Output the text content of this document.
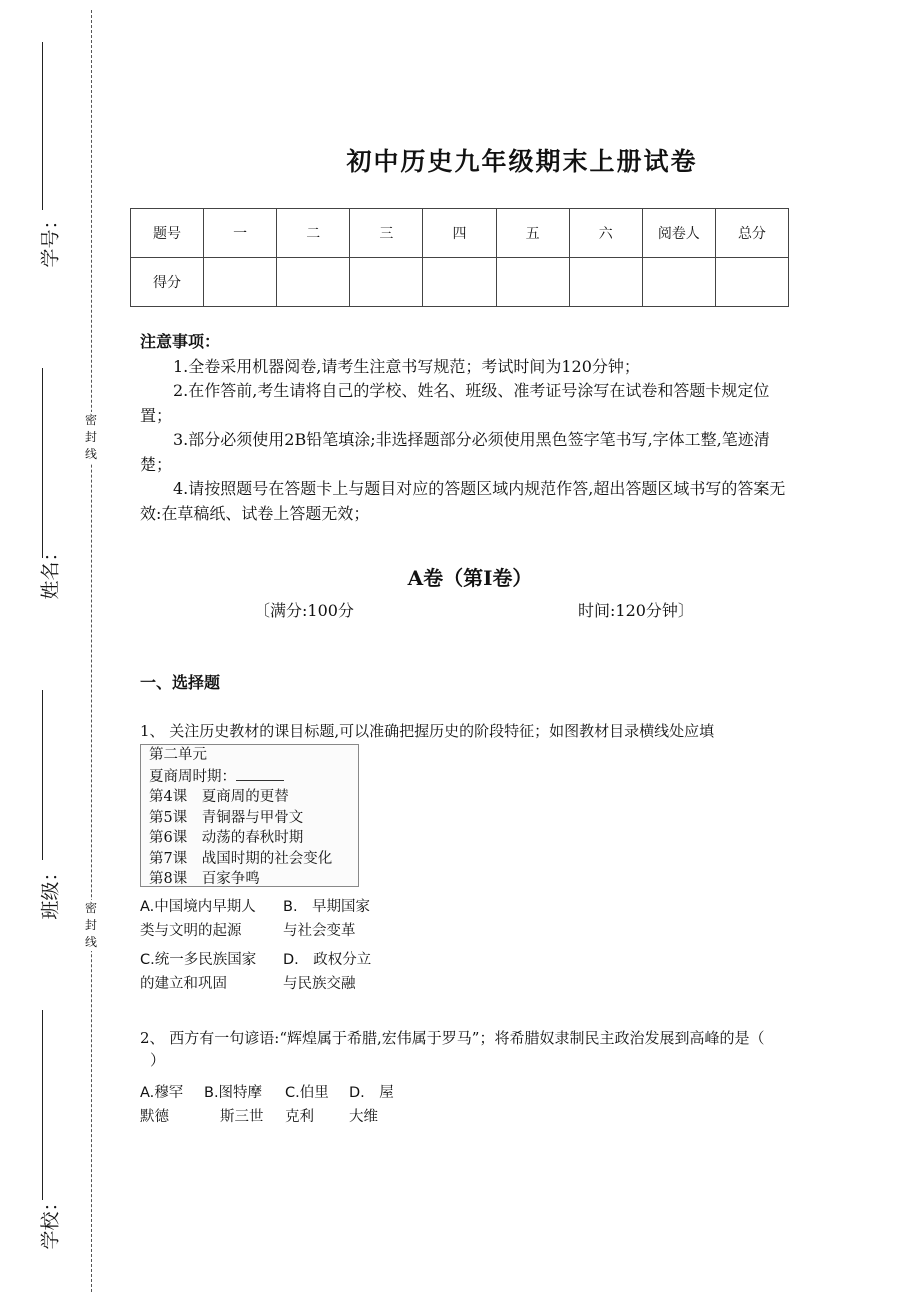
学号：
姓名：
班级：
学校：
密封线
密封线
初中历史九年级期末上册试卷
题号	一	二	三	四	五	六	阅卷人	总分
得分								
注意事项：
1.全卷采用机器阅卷,请考生注意书写规范；考试时间为120分钟；
2.在作答前,考生请将自己的学校、姓名、班级、准考证号涂写在试卷和答题卡规定位置；
3.部分必须使用2B铅笔填涂;非选择题部分必须使用黑色签字笔书写,字体工整,笔迹清楚；
4.请按照题号在答题卡上与题目对应的答题区域内规范作答,超出答题区域书写的答案无效:在草稿纸、试卷上答题无效；
A卷（第I卷）
〔满分:100分	时间:120分钟〕
一、选择题
1、 关注历史教材的课目标题,可以准确把握历史的阶段特征；如图教材目录横线处应填
第二单元
夏商周时期：
第4课　夏商周的更替
第5课　青铜器与甲骨文
第6课　动荡的春秋时期
第7课　战国时期的社会变化
第8课　百家争鸣
A.中国境内早期人
类与文明的起源
B.　早期国家
与社会变革
C.统一多民族国家
的建立和巩固
D.　政权分立
与民族交融
2、 西方有一句谚语:“辉煌属于希腊,宏伟属于罗马”；将希腊奴隶制民主政治发展到高峰的是（
）
A.穆罕
默德
B.图特摩
斯三世
C.伯里
克利
D.　屋
大维
